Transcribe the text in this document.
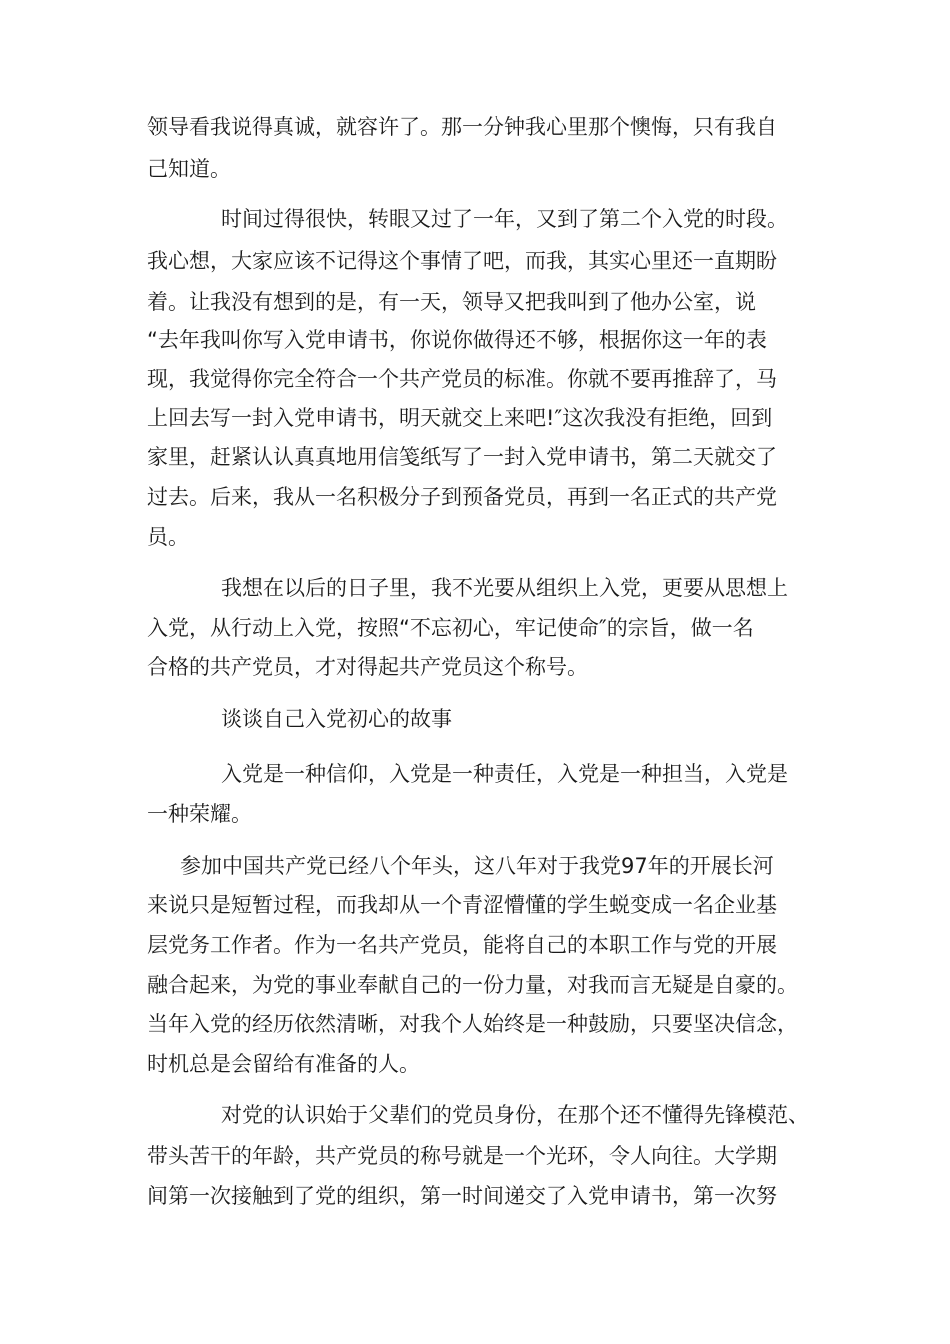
领导看我说得真诚，就容许了。那一分钟我心里那个懊悔，只有我自
己知道。
时间过得很快，转眼又过了一年，又到了第二个入党的时段。
我心想，大家应该不记得这个事情了吧，而我，其实心里还一直期盼
着。让我没有想到的是，有一天，领导又把我叫到了他办公室，说
“去年我叫你写入党申请书，你说你做得还不够，根据你这一年的表
现，我觉得你完全符合一个共产党员的标准。你就不要再推辞了，马
上回去写一封入党申请书，明天就交上来吧!″这次我没有拒绝，回到
家里，赶紧认认真真地用信笺纸写了一封入党申请书，第二天就交了
过去。后来，我从一名积极分子到预备党员，再到一名正式的共产党
员。
我想在以后的日子里，我不光要从组织上入党，更要从思想上
入党，从行动上入党，按照“不忘初心，牢记使命″的宗旨，做一名
合格的共产党员，才对得起共产党员这个称号。
谈谈自己入党初心的故事
入党是一种信仰，入党是一种责任，入党是一种担当，入党是
一种荣耀。
参加中国共产党已经八个年头，这八年对于我党97年的开展长河
来说只是短暂过程，而我却从一个青涩懵懂的学生蜕变成一名企业基
层党务工作者。作为一名共产党员，能将自己的本职工作与党的开展
融合起来，为党的事业奉献自己的一份力量，对我而言无疑是自豪的。
当年入党的经历依然清晰，对我个人始终是一种鼓励，只要坚决信念，
时机总是会留给有准备的人。
对党的认识始于父辈们的党员身份，在那个还不懂得先锋模范、
带头苦干的年龄，共产党员的称号就是一个光环，令人向往。大学期
间第一次接触到了党的组织，第一时间递交了入党申请书，第一次努
